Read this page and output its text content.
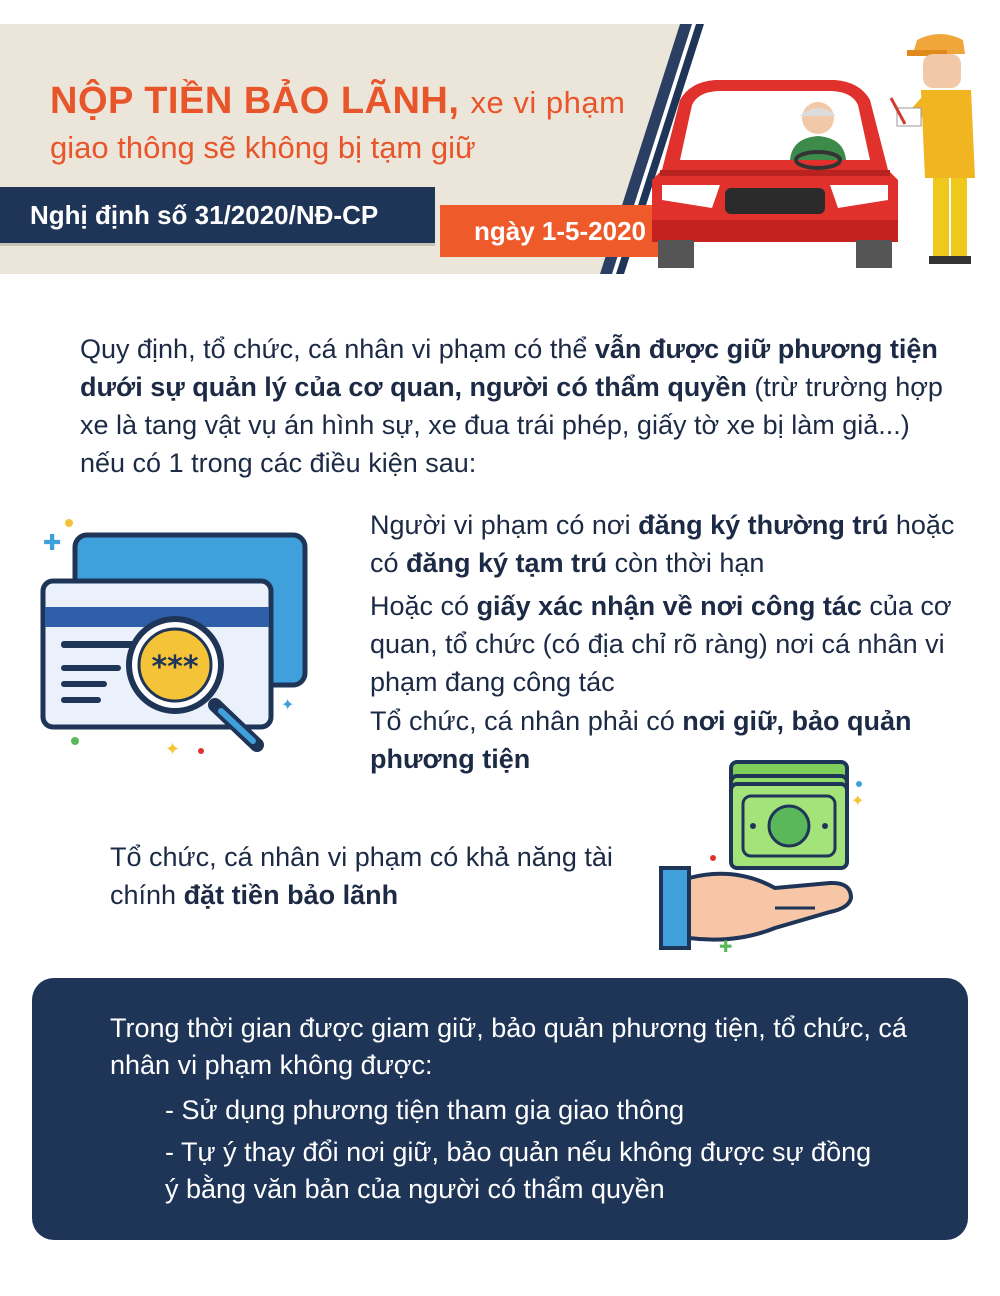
NỘP TIỀN BẢO LÃNH, xe vi phạm
giao thông sẽ không bị tạm giữ
Nghị định số 31/2020/NĐ-CP
ngày 1-5-2020
Quy định, tổ chức, cá nhân vi phạm có thể vẫn được giữ phương tiện dưới sự quản lý của cơ quan, người có thẩm quyền (trừ trường hợp xe là tang vật vụ án hình sự, xe đua trái phép, giấy tờ xe bị làm giả...) nếu có 1 trong các điều kiện sau:
***
✚
✦
✦
Người vi phạm có nơi đăng ký thường trú hoặc có đăng ký tạm trú còn thời hạn
Hoặc có giấy xác nhận về nơi công tác của cơ quan, tổ chức (có địa chỉ rõ ràng) nơi cá nhân vi phạm đang công tác
Tổ chức, cá nhân phải có nơi giữ, bảo quản phương tiện
Tổ chức, cá nhân vi phạm có khả năng tài chính đặt tiền bảo lãnh
✚
✦
Trong thời gian được giam giữ, bảo quản phương tiện, tổ chức, cá nhân vi phạm không được:
- Sử dụng phương tiện tham gia giao thông
- Tự ý thay đổi nơi giữ, bảo quản nếu không được sự đồng ý bằng văn bản của người có thẩm quyền
